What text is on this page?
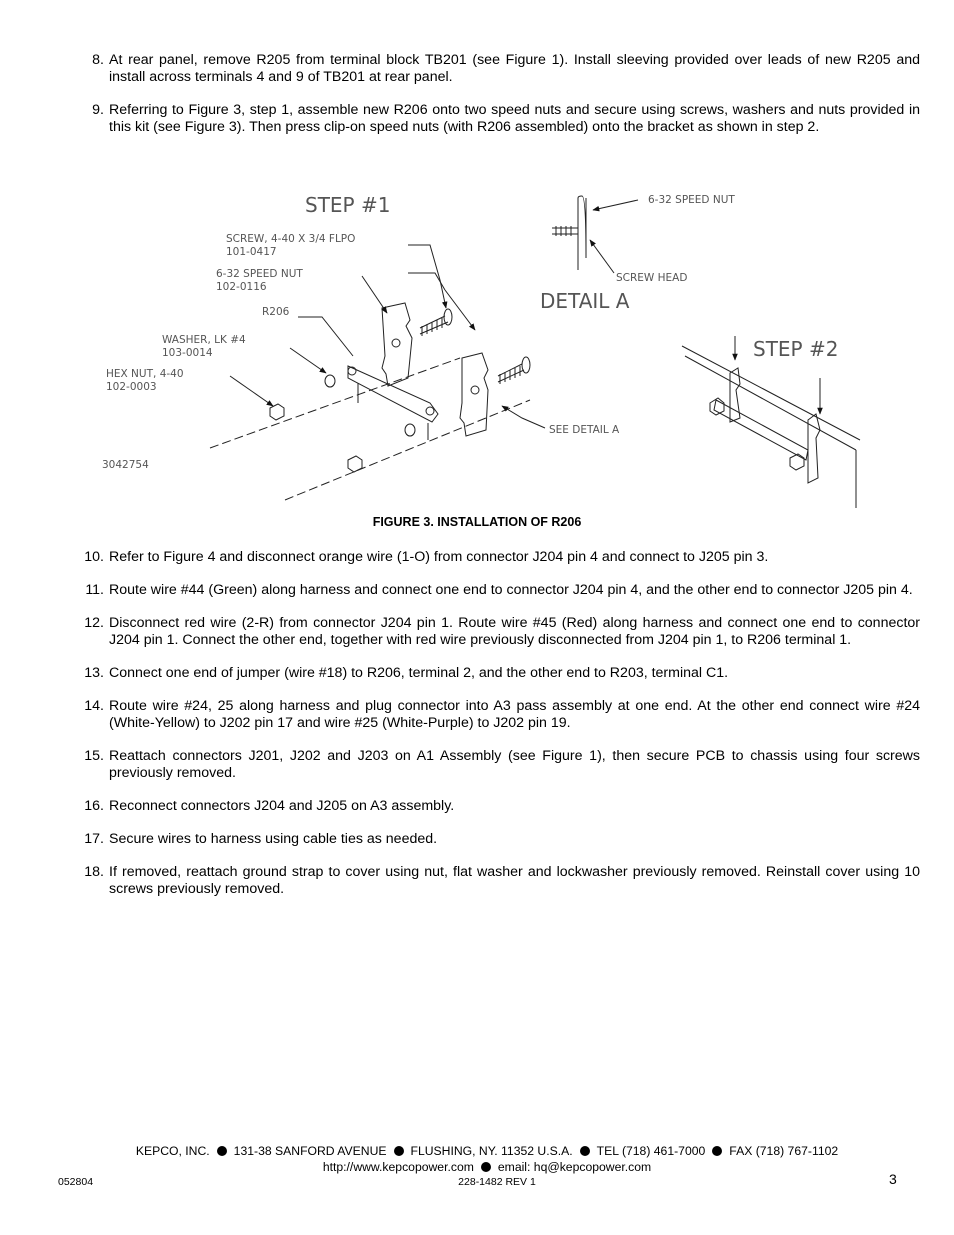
8. At rear panel, remove R205 from terminal block TB201 (see Figure 1). Install sleeving provided over leads of new R205 and install across terminals 4 and 9 of TB201 at rear panel.
9. Referring to Figure 3, step 1, assemble new R206 onto two speed nuts and secure using screws, washers and nuts provided in this kit (see Figure 3). Then press clip-on speed nuts (with R206 assembled) onto the bracket as shown in step 2.
STEP #1
STEP #2
DETAIL A
SCREW, 4-40 X 3/4 FLPO
101-0417
6-32 SPEED NUT
102-0116
R206
WASHER, LK #4
103-0014
HEX NUT, 4-40
102-0003
3042754
6-32 SPEED NUT
SCREW HEAD
SEE DETAIL A
FIGURE 3. INSTALLATION OF R206
10. Refer to Figure 4 and disconnect orange wire (1-O) from connector J204 pin 4 and connect to J205 pin 3.
11. Route wire #44 (Green) along harness and connect one end to connector J204 pin 4, and the other end to connector J205 pin 4.
12. Disconnect red wire (2-R) from connector J204 pin 1. Route wire #45 (Red) along harness and connect one end to connector J204 pin 1. Connect the other end, together with red wire previously disconnected from J204 pin 1, to R206 terminal 1.
13. Connect one end of jumper (wire #18) to R206, terminal 2, and the other end to R203, terminal C1.
14. Route wire #24, 25 along harness and plug connector into A3 pass assembly at one end. At the other end connect wire #24 (White-Yellow) to J202 pin 17 and wire #25 (White-Purple) to J202 pin 19.
15. Reattach connectors J201, J202 and J203 on A1 Assembly (see Figure 1), then secure PCB to chassis using four screws previously removed.
16. Reconnect connectors J204 and J205 on A3 assembly.
17. Secure wires to harness using cable ties as needed.
18. If removed, reattach ground strap to cover using nut, flat washer and lockwasher previously removed. Reinstall cover using 10 screws previously removed.
KEPCO, INC. 131-38 SANFORD AVENUE FLUSHING, NY. 11352 U.S.A. TEL (718) 461-7000 FAX (718) 767-1102
http://www.kepcopower.com email: hq@kepcopower.com
052804	228-1482 REV 1	3
